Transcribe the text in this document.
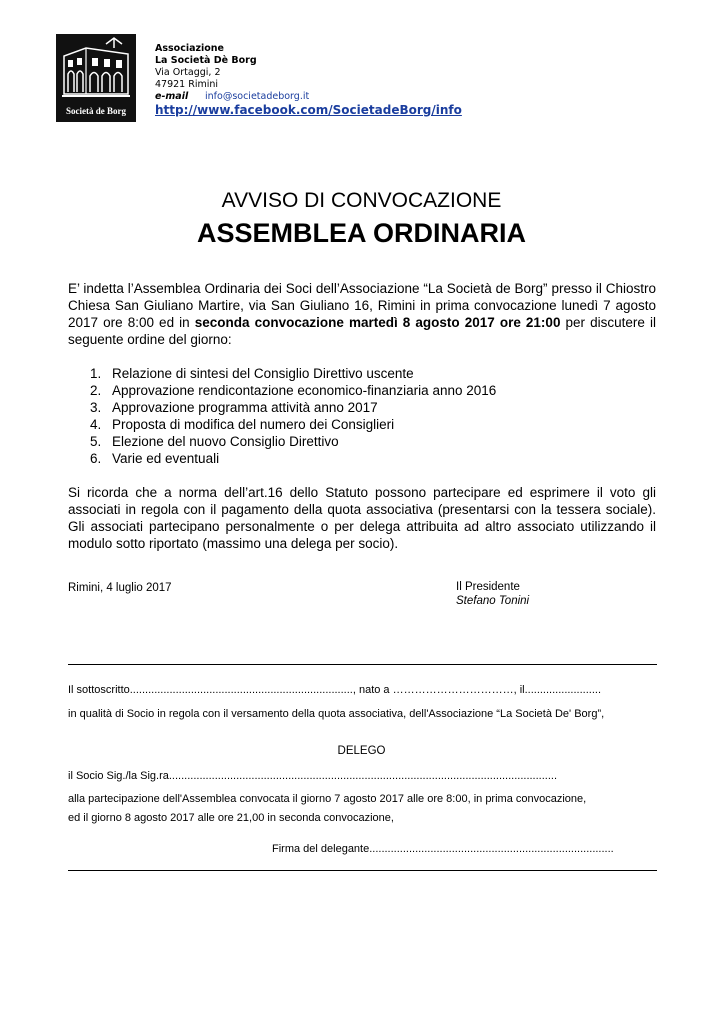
Società de Borg
Associazione
La Società Dè Borg
Via Ortaggi, 2
47921 Rimini
e-mail info@societadeborg.it
http://www.facebook.com/SocietadeBorg/info
AVVISO DI CONVOCAZIONE
ASSEMBLEA ORDINARIA
E’ indetta l’Assemblea Ordinaria dei Soci dell’Associazione “La Società de Borg” presso il Chiostro Chiesa San Giuliano Martire, via San Giuliano 16, Rimini in prima convocazione lunedì 7 agosto 2017 ore 8:00 ed in seconda convocazione martedì 8 agosto 2017 ore 21:00 per discutere il seguente ordine del giorno:
1. Relazione di sintesi del Consiglio Direttivo uscente
2. Approvazione rendicontazione economico-finanziaria anno 2016
3. Approvazione programma attività anno 2017
4. Proposta di modifica del numero dei Consiglieri
5. Elezione del nuovo Consiglio Direttivo
6. Varie ed eventuali
Si ricorda che a norma dell’art.16 dello Statuto possono partecipare ed esprimere il voto gli associati in regola con il pagamento della quota associativa (presentarsi con la tessera sociale). Gli associati partecipano personalmente o per delega attribuita ad altro associato utilizzando il modulo sotto riportato (massimo una delega per socio).
Rimini, 4 luglio 2017	Il Presidente
Stefano Tonini
Il sottoscritto........................................................................., nato a ……………………………, il.........................
in qualità di Socio in regola con il versamento della quota associativa, dell'Associazione “La Società De' Borg”,
DELEGO
il Socio Sig./la Sig.ra...............................................................................................................................
alla partecipazione dell'Assemblea convocata il giorno 7 agosto 2017 alle ore 8:00, in prima convocazione,
ed il giorno 8 agosto 2017 alle ore 21,00 in seconda convocazione,
Firma del delegante................................................................................
